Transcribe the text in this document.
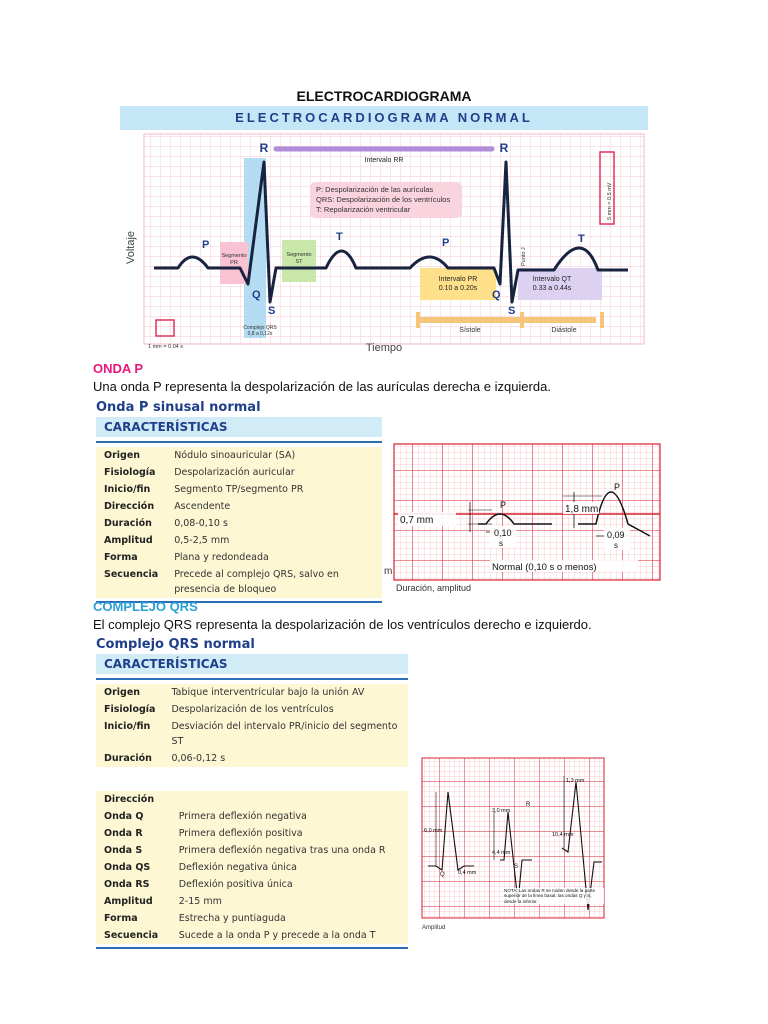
ELECTROCARDIOGRAMA
ELECTROCARDIOGRAMA NORMAL
R	R
Intervalo RR
P: Despolarización de las aurículas
QRS: Despolarización de los ventrículos
T: Repolarización ventricular
P	P
T	T
Q	Q
S	S
Segmento PR
Segmento ST
Complejo QRS 0,8 a 0,12s
Intervalo PR 0.10 a 0.20s
Intervalo QT 0.33 a 0.44s
Punto J
Sístole	Diástole
Voltaje
Tiempo
1 mm = 0.04 s
5 mm = 0.5 mV
ONDA P
Una onda P representa la despolarización de las aurículas derecha e izquierda.
Onda P sinusal normal
CARACTERÍSTICAS
Origen	Nódulo sinoauricular (SA)
Fisiología	Despolarización auricular
Inicio/fin	Segmento TP/segmento PR
Dirección	Ascendente
Duración	0,08-0,10 s
Amplitud	0,5-2,5 mm
Forma	Plana y redondeada
Secuencia	Precede al complejo QRS, salvo en presencia de bloqueo
0,7 mm
P
0,10
s
1,8 mm
P
0,09
s
Normal (0,10 s o menos)
Duración, amplitud
m
COMPLEJO QRS
El complejo QRS representa la despolarización de los ventrículos derecho e izquierdo.
Complejo QRS normal
CARACTERÍSTICAS
Origen	Tabique interventricular bajo la unión AV
Fisiología	Despolarización de los ventrículos
Inicio/fin	Desviación del intervalo PR/inicio del segmento ST
Duración	0,06-0,12 s
Dirección	
Onda Q	Primera deflexión negativa
Onda R	Primera deflexión positiva
Onda S	Primera deflexión negativa tras una onda R
Onda QS	Deflexión negativa única
Onda RS	Deflexión positiva única
Amplitud	2-15 mm
Forma	Estrecha y puntiaguda
Secuencia	Sucede a la onda P y precede a la onda T
6,0 mm
3,0 mm
4,4 mm
0,4 mm
1,3 mm
10,4 mm
R
Q
S
NOTA: Las ondas R se miden desde la parte superior de la línea basal; las ondas Q y S, desde la inferior.
Amplitud
